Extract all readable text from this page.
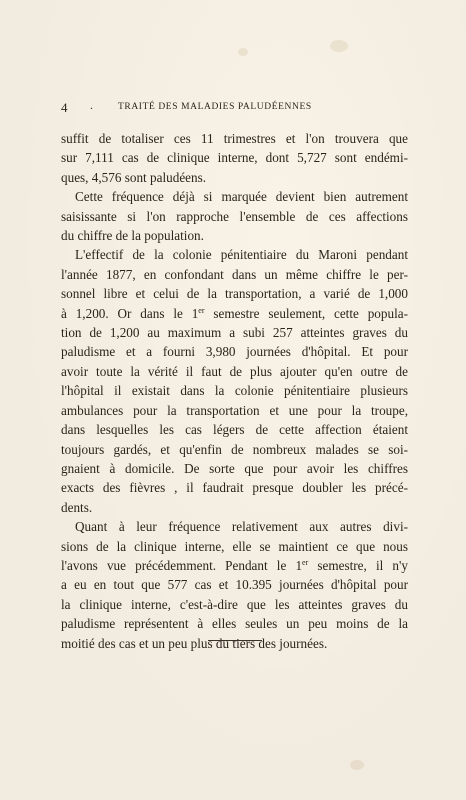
4 .	TRAITÉ DES MALADIES PALUDÉENNES
suffit de totaliser ces 11 trimestres et l'on trouvera que
sur 7,111 cas de clinique interne, dont 5,727 sont endémi-
ques, 4,576 sont paludéens.
Cette fréquence déjà si marquée devient bien autrement
saisissante si l'on rapproche l'ensemble de ces affections
du chiffre de la population.
L'effectif de la colonie pénitentiaire du Maroni pendant
l'année 1877, en confondant dans un même chiffre le per-
sonnel libre et celui de la transportation, a varié de 1,000
à 1,200. Or dans le 1er semestre seulement, cette popula-
tion de 1,200 au maximum a subi 257 atteintes graves du
paludisme et a fourni 3,980 journées d'hôpital. Et pour
avoir toute la vérité il faut de plus ajouter qu'en outre de
l'hôpital il existait dans la colonie pénitentiaire plusieurs
ambulances pour la transportation et une pour la troupe,
dans lesquelles les cas légers de cette affection étaient
toujours gardés, et qu'enfin de nombreux malades se soi-
gnaient à domicile. De sorte que pour avoir les chiffres
exacts des fièvres , il faudrait presque doubler les précé-
dents.
Quant à leur fréquence relativement aux autres divi-
sions de la clinique interne, elle se maintient ce que nous
l'avons vue précédemment. Pendant le 1er semestre, il n'y
a eu en tout que 577 cas et 10.395 journées d'hôpital pour
la clinique interne, c'est-à-dire que les atteintes graves du
paludisme représentent à elles seules un peu moins de la
moitié des cas et un peu plus du tiers des journées.
